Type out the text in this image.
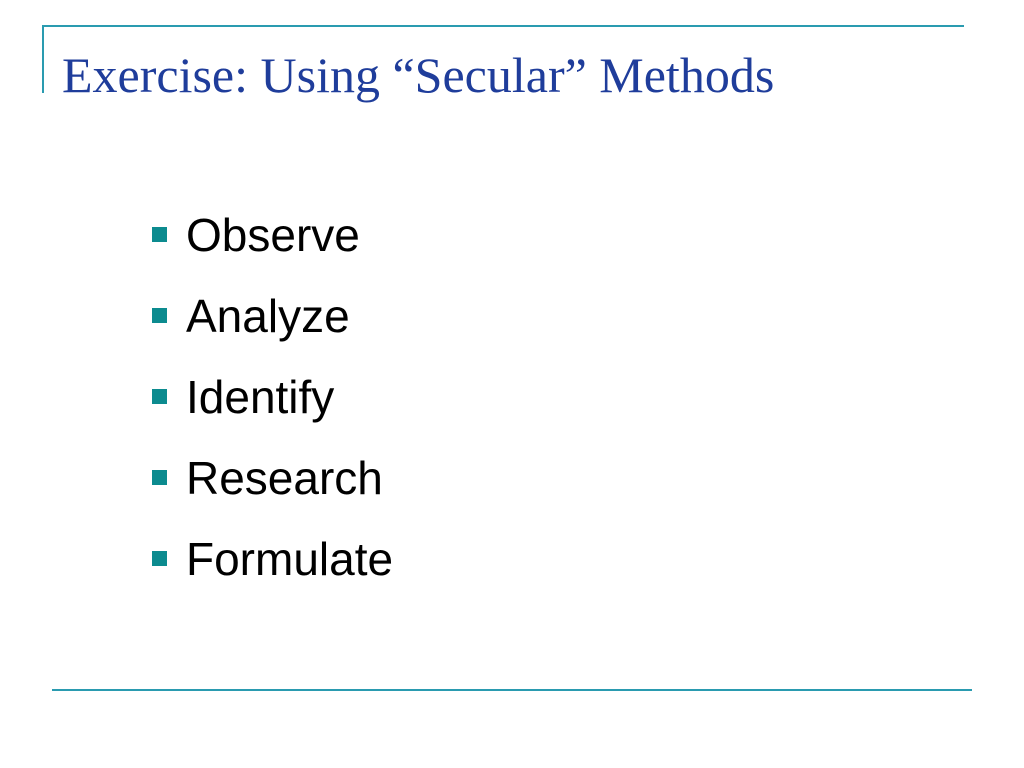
Exercise: Using “Secular” Methods
Observe
Analyze
Identify
Research
Formulate
